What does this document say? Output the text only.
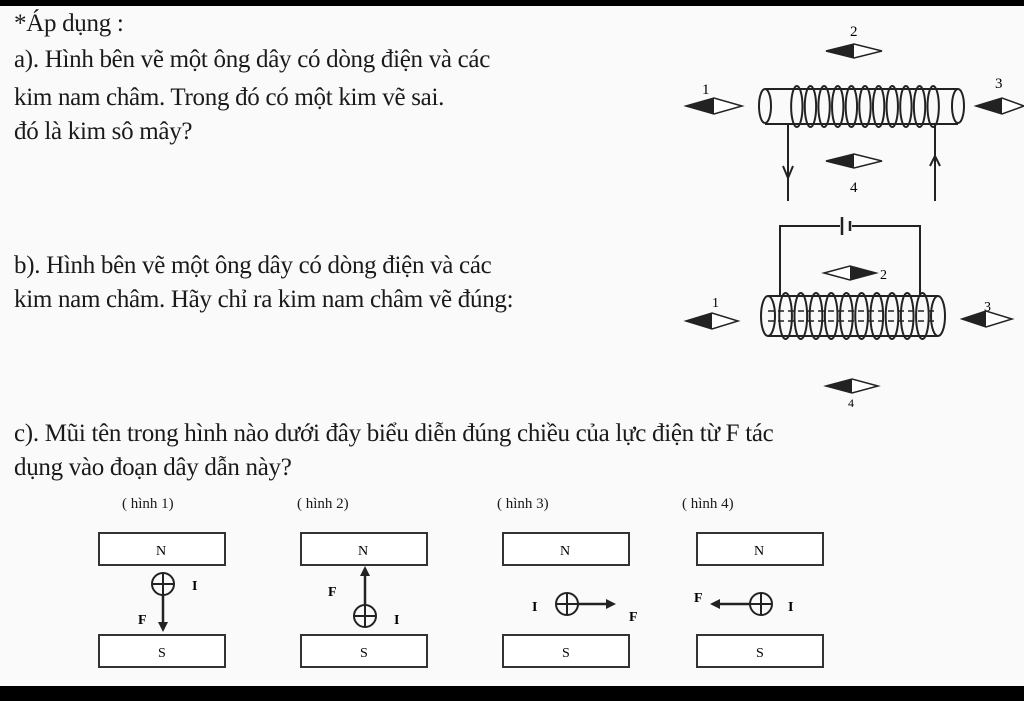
*Áp dụng :
a). Hình bên vẽ một ông dây có dòng điện và các
kim nam châm. Trong đó có một kim vẽ sai.
đó là kim sô mây?
1
2
3
4
b). Hình bên vẽ một ông dây có dòng điện và các
kim nam châm. Hãy chỉ ra kim nam châm vẽ đúng:	1
2
3
4
c). Mũi tên trong hình nào dưới đây biểu diễn đúng chiều của lực điện từ F tác
dụng vào đoạn dây dẫn này?
( hình 1)
N
S
I
F
( hình 2)
N
S
I
F
( hình 3)
N
S
I
F
( hình 4)
N
S
I
F
